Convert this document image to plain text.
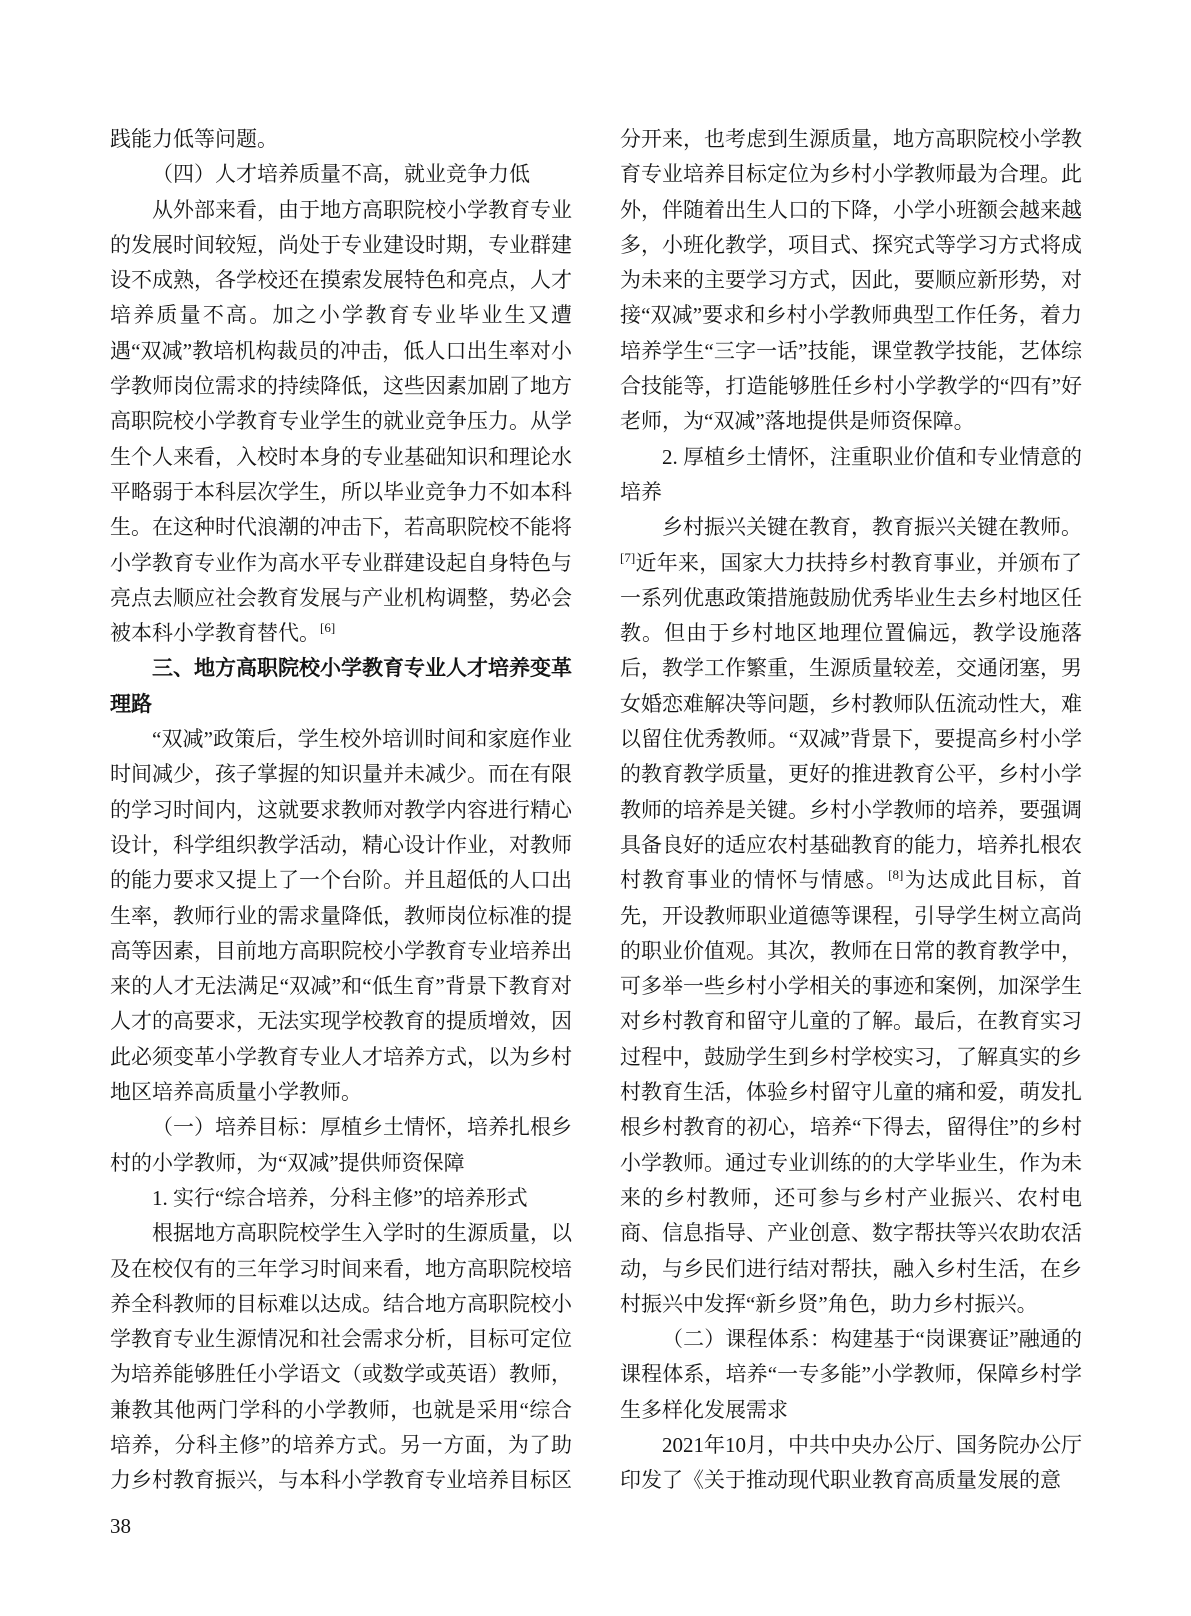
践能力低等问题。

（四）人才培养质量不高，就业竞争力低

从外部来看，由于地方高职院校小学教育专业的发展时间较短，尚处于专业建设时期，专业群建设不成熟，各学校还在摸索发展特色和亮点，人才培养质量不高。加之小学教育专业毕业生又遭遇“双减”教培机构裁员的冲击，低人口出生率对小学教师岗位需求的持续降低，这些因素加剧了地方高职院校小学教育专业学生的就业竞争压力。从学生个人来看，入校时本身的专业基础知识和理论水平略弱于本科层次学生，所以毕业竞争力不如本科生。在这种时代浪潮的冲击下，若高职院校不能将小学教育专业作为高水平专业群建设起自身特色与亮点去顺应社会教育发展与产业机构调整，势必会被本科小学教育替代。[6]

三、地方高职院校小学教育专业人才培养变革理路

“双减”政策后，学生校外培训时间和家庭作业时间减少，孩子掌握的知识量并未减少。而在有限的学习时间内，这就要求教师对教学内容进行精心设计，科学组织教学活动，精心设计作业，对教师的能力要求又提上了一个台阶。并且超低的人口出生率，教师行业的需求量降低，教师岗位标准的提高等因素，目前地方高职院校小学教育专业培养出来的人才无法满足“双减”和“低生育”背景下教育对人才的高要求，无法实现学校教育的提质增效，因此必须变革小学教育专业人才培养方式，以为乡村地区培养高质量小学教师。

（一）培养目标：厚植乡土情怀，培养扎根乡村的小学教师，为“双减”提供师资保障

1. 实行“综合培养，分科主修”的培养形式

根据地方高职院校学生入学时的生源质量，以及在校仅有的三年学习时间来看，地方高职院校培养全科教师的目标难以达成。结合地方高职院校小学教育专业生源情况和社会需求分析，目标可定位为培养能够胜任小学语文（或数学或英语）教师，兼教其他两门学科的小学教师，也就是采用“综合培养，分科主修”的培养方式。另一方面，为了助力乡村教育振兴，与本科小学教育专业培养目标区

分开来，也考虑到生源质量，地方高职院校小学教育专业培养目标定位为乡村小学教师最为合理。此外，伴随着出生人口的下降，小学小班额会越来越多，小班化教学，项目式、探究式等学习方式将成为未来的主要学习方式，因此，要顺应新形势，对接“双减”要求和乡村小学教师典型工作任务，着力培养学生“三字一话”技能，课堂教学技能，艺体综合技能等，打造能够胜任乡村小学教学的“四有”好老师，为“双减”落地提供是师资保障。

2. 厚植乡土情怀，注重职业价值和专业情意的培养

乡村振兴关键在教育，教育振兴关键在教师。[7]近年来，国家大力扶持乡村教育事业，并颁布了一系列优惠政策措施鼓励优秀毕业生去乡村地区任教。但由于乡村地区地理位置偏远，教学设施落后，教学工作繁重，生源质量较差，交通闭塞，男女婚恋难解决等问题，乡村教师队伍流动性大，难以留住优秀教师。“双减”背景下，要提高乡村小学的教育教学质量，更好的推进教育公平，乡村小学教师的培养是关键。乡村小学教师的培养，要强调具备良好的适应农村基础教育的能力，培养扎根农村教育事业的情怀与情感。[8]为达成此目标，首先，开设教师职业道德等课程，引导学生树立高尚的职业价值观。其次，教师在日常的教育教学中，可多举一些乡村小学相关的事迹和案例，加深学生对乡村教育和留守儿童的了解。最后，在教育实习过程中，鼓励学生到乡村学校实习，了解真实的乡村教育生活，体验乡村留守儿童的痛和爱，萌发扎根乡村教育的初心，培养“下得去，留得住”的乡村小学教师。通过专业训练的的大学毕业生，作为未来的乡村教师，还可参与乡村产业振兴、农村电商、信息指导、产业创意、数字帮扶等兴农助农活动，与乡民们进行结对帮扶，融入乡村生活，在乡村振兴中发挥“新乡贤”角色，助力乡村振兴。

（二）课程体系：构建基于“岗课赛证”融通的课程体系，培养“一专多能”小学教师，保障乡村学生多样化发展需求

2021年10月，中共中央办公厅、国务院办公厅印发了《关于推动现代职业教育高质量发展的意

38
